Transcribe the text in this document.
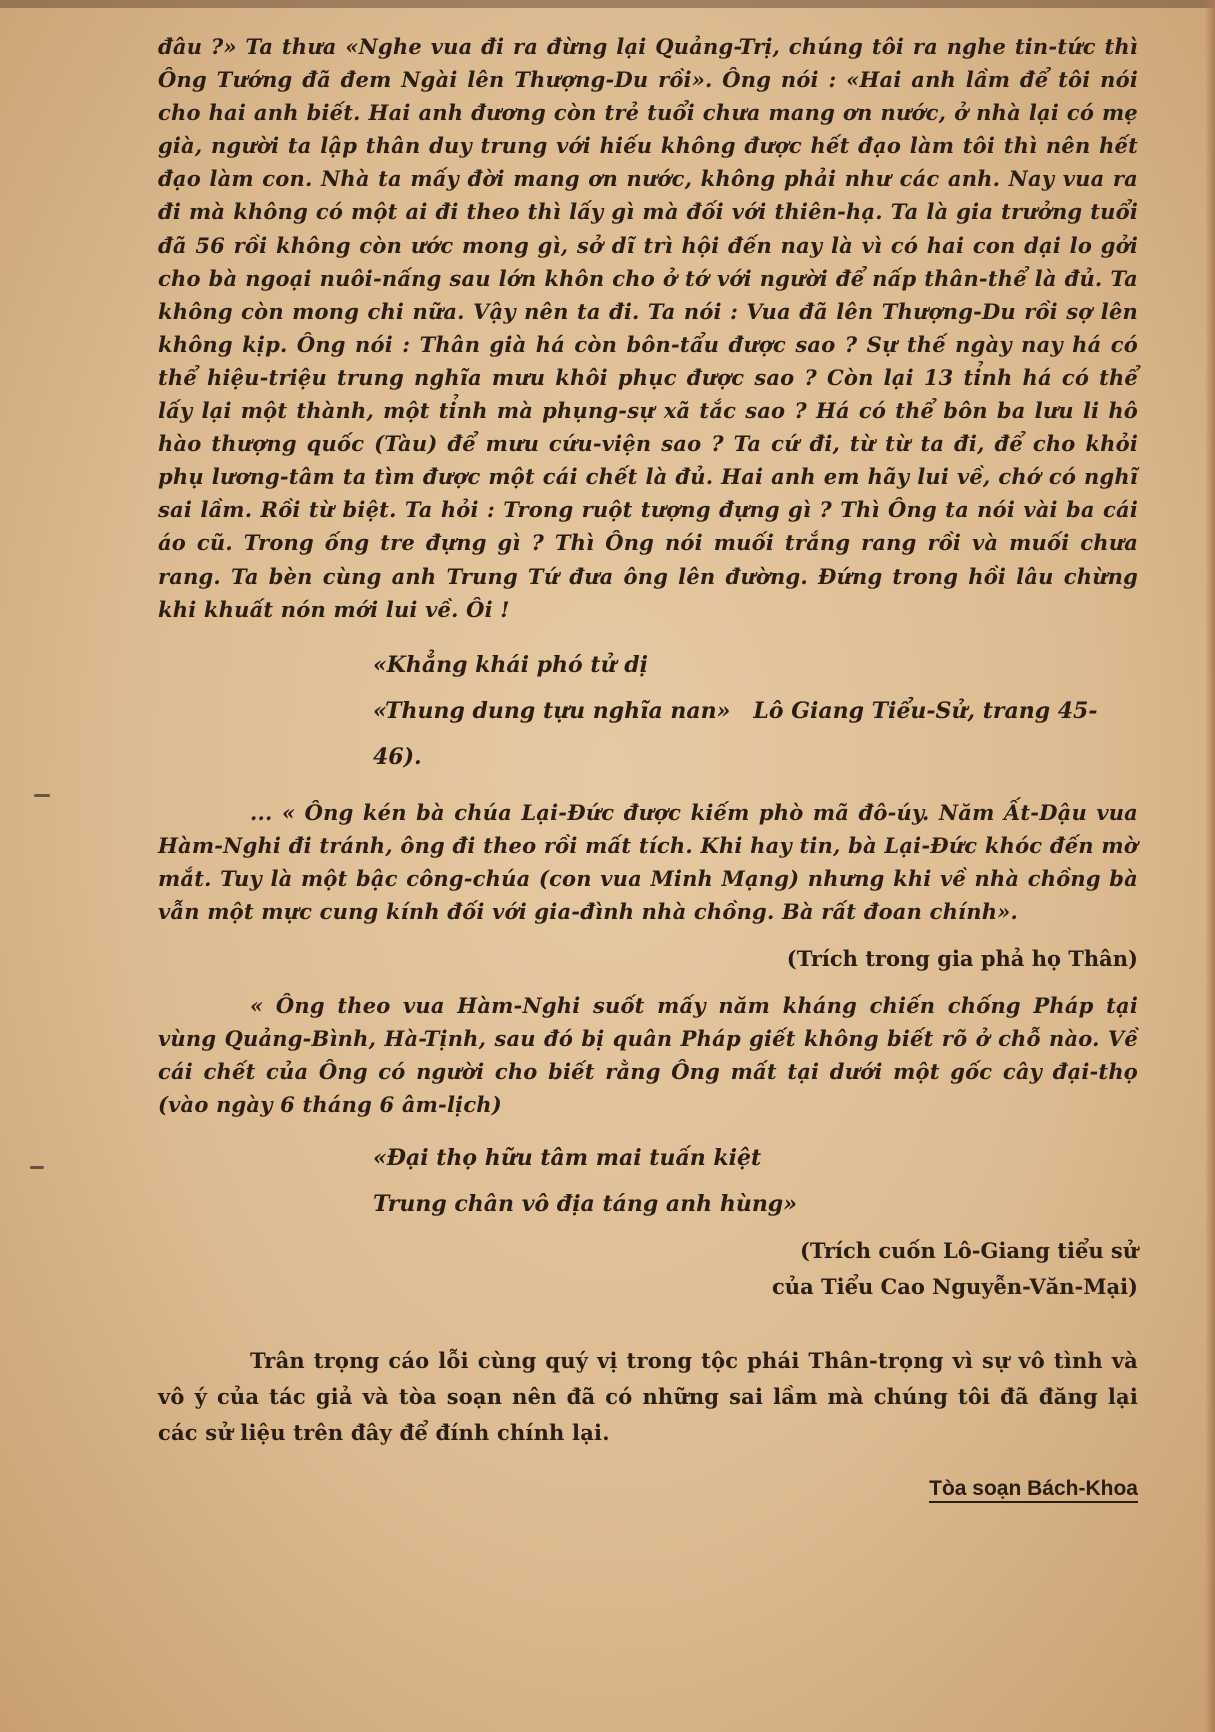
đâu ?» Ta thưa «Nghe vua đi ra đừng lại Quảng-Trị, chúng tôi ra nghe tin-tức thì Ông Tướng đã đem Ngài lên Thượng-Du rồi». Ông nói : «Hai anh lầm để tôi nói cho hai anh biết. Hai anh đương còn trẻ tuổi chưa mang ơn nước, ở nhà lại có mẹ già, người ta lập thân duy trung với hiếu không được hết đạo làm tôi thì nên hết đạo làm con. Nhà ta mấy đời mang ơn nước, không phải như các anh. Nay vua ra đi mà không có một ai đi theo thì lấy gì mà đối với thiên-hạ. Ta là gia trưởng tuổi đã 56 rồi không còn ước mong gì, sở dĩ trì hội đến nay là vì có hai con dại lo gởi cho bà ngoại nuôi-nấng sau lớn khôn cho ở tớ với người để nấp thân-thể là đủ. Ta không còn mong chi nữa. Vậy nên ta đi. Ta nói : Vua đã lên Thượng-Du rồi sợ lên không kịp. Ông nói : Thân già há còn bôn-tẩu được sao ? Sự thế ngày nay há có thể hiệu-triệu trung nghĩa mưu khôi phục được sao ? Còn lại 13 tỉnh há có thể lấy lại một thành, một tỉnh mà phụng-sự xã tắc sao ? Há có thể bôn ba lưu li hô hào thượng quốc (Tàu) để mưu cứu-viện sao ? Ta cứ đi, từ từ ta đi, để cho khỏi phụ lương-tâm ta tìm được một cái chết là đủ. Hai anh em hãy lui về, chớ có nghĩ sai lầm. Rồi từ biệt. Ta hỏi : Trong ruột tượng đựng gì ? Thì Ông ta nói vài ba cái áo cũ. Trong ống tre đựng gì ? Thì Ông nói muối trắng rang rồi và muối chưa rang. Ta bèn cùng anh Trung Tứ đưa ông lên đường. Đứng trong hồi lâu chừng khi khuất nón mới lui về. Ôi !

«Khẳng khái phó tử dị

«Thung dung tựu nghĩa nan» Lô Giang Tiểu-Sử, trang 45-46).

... « Ông kén bà chúa Lại-Đức được kiếm phò mã đô-úy. Năm Ất-Dậu vua Hàm-Nghi đi tránh, ông đi theo rồi mất tích. Khi hay tin, bà Lại-Đức khóc đến mờ mắt. Tuy là một bậc công-chúa (con vua Minh Mạng) nhưng khi về nhà chồng bà vẫn một mực cung kính đối với gia-đình nhà chồng. Bà rất đoan chính».

(Trích trong gia phả họ Thân)

« Ông theo vua Hàm-Nghi suốt mấy năm kháng chiến chống Pháp tại vùng Quảng-Bình, Hà-Tịnh, sau đó bị quân Pháp giết không biết rõ ở chỗ nào. Về cái chết của Ông có người cho biết rằng Ông mất tại dưới một gốc cây đại-thọ (vào ngày 6 tháng 6 âm-lịch)

«Đại thọ hữu tâm mai tuấn kiệt

Trung chân vô địa táng anh hùng»

(Trích cuốn Lô-Giang tiểu sử
của Tiểu Cao Nguyễn-Văn-Mại)

Trân trọng cáo lỗi cùng quý vị trong tộc phái Thân-trọng vì sự vô tình và vô ý của tác giả và tòa soạn nên đã có những sai lầm mà chúng tôi đã đăng lại các sử liệu trên đây để đính chính lại.

Tòa soạn Bách-Khoa
